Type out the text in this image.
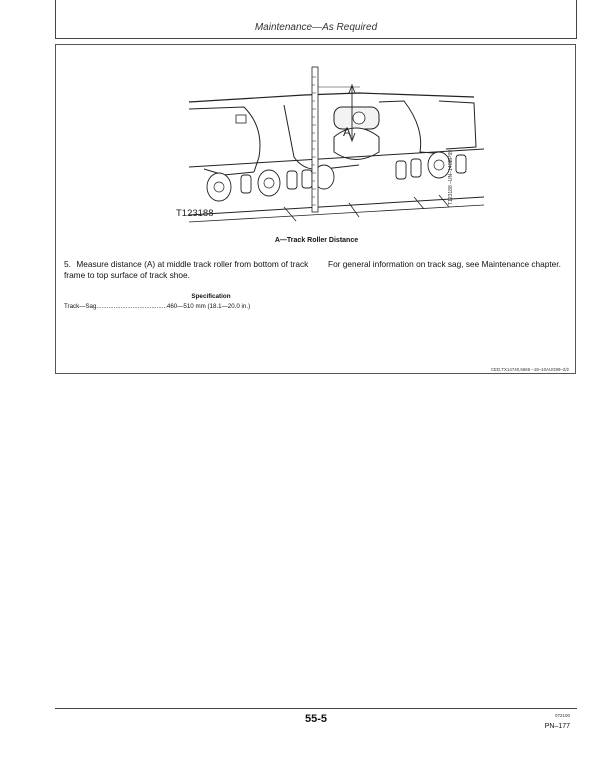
Maintenance—As Required
A
T123188
T123188 –UN–14SEP99
A—Track Roller Distance
5. Measure distance (A) at middle track roller from bottom of track frame to top surface of track shoe.
For general information on track sag, see Maintenance chapter.
Specification
Track—Sag.........................................460—510 mm (18.1—20.0 in.)
CED,TX14740,6666 –19–10AUG99–2/2
55-5	072100
PN–177
